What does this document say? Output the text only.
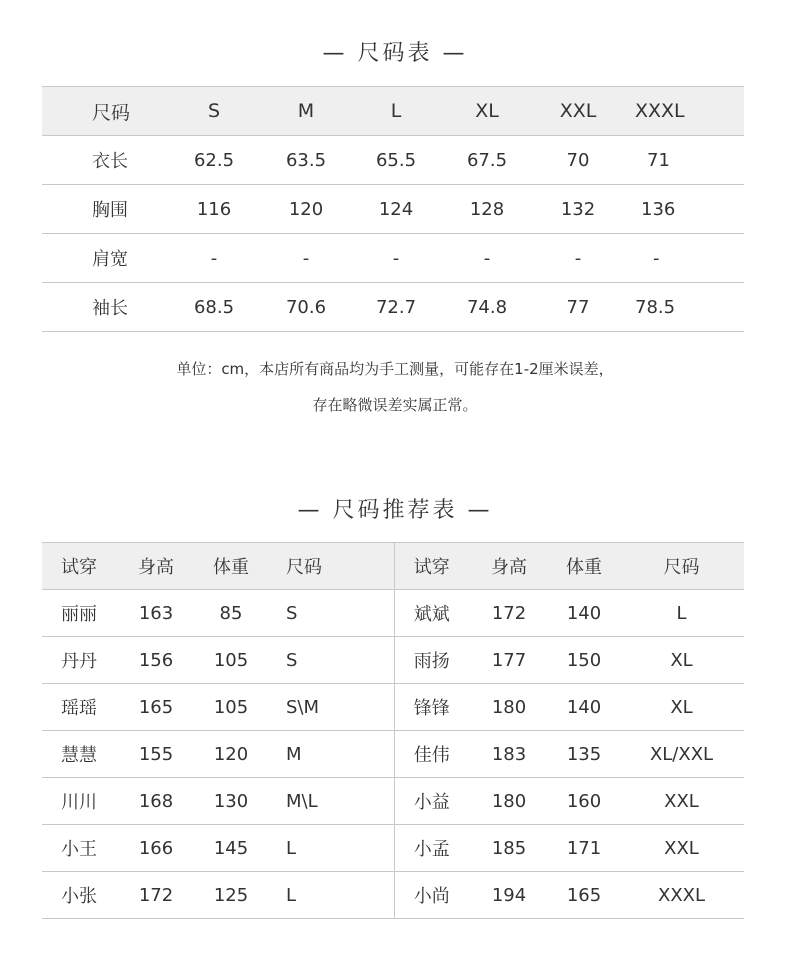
— 尺码表 —
尺码	S	M	L	XL	XXL	XXXL
衣长	62.5	63.5	65.5	67.5	70	71
胸围	116	120	124	128	132	136
肩宽	-	-	-	-	-	-
袖长	68.5	70.6	72.7	74.8	77	78.5
单位：cm，本店所有商品均为手工测量，可能存在1-2厘米误差，
存在略微误差实属正常。
— 尺码推荐表 —
试穿	身高	体重	尺码	试穿	身高	体重	尺码
丽丽	163	85	S	斌斌	172	140	L
丹丹	156	105	S	雨扬	177	150	XL
瑶瑶	165	105	S\M	锋锋	180	140	XL
慧慧	155	120	M	佳伟	183	135	XL/XXL
川川	168	130	M\L	小益	180	160	XXL
小王	166	145	L	小孟	185	171	XXL
小张	172	125	L	小尚	194	165	XXXL
